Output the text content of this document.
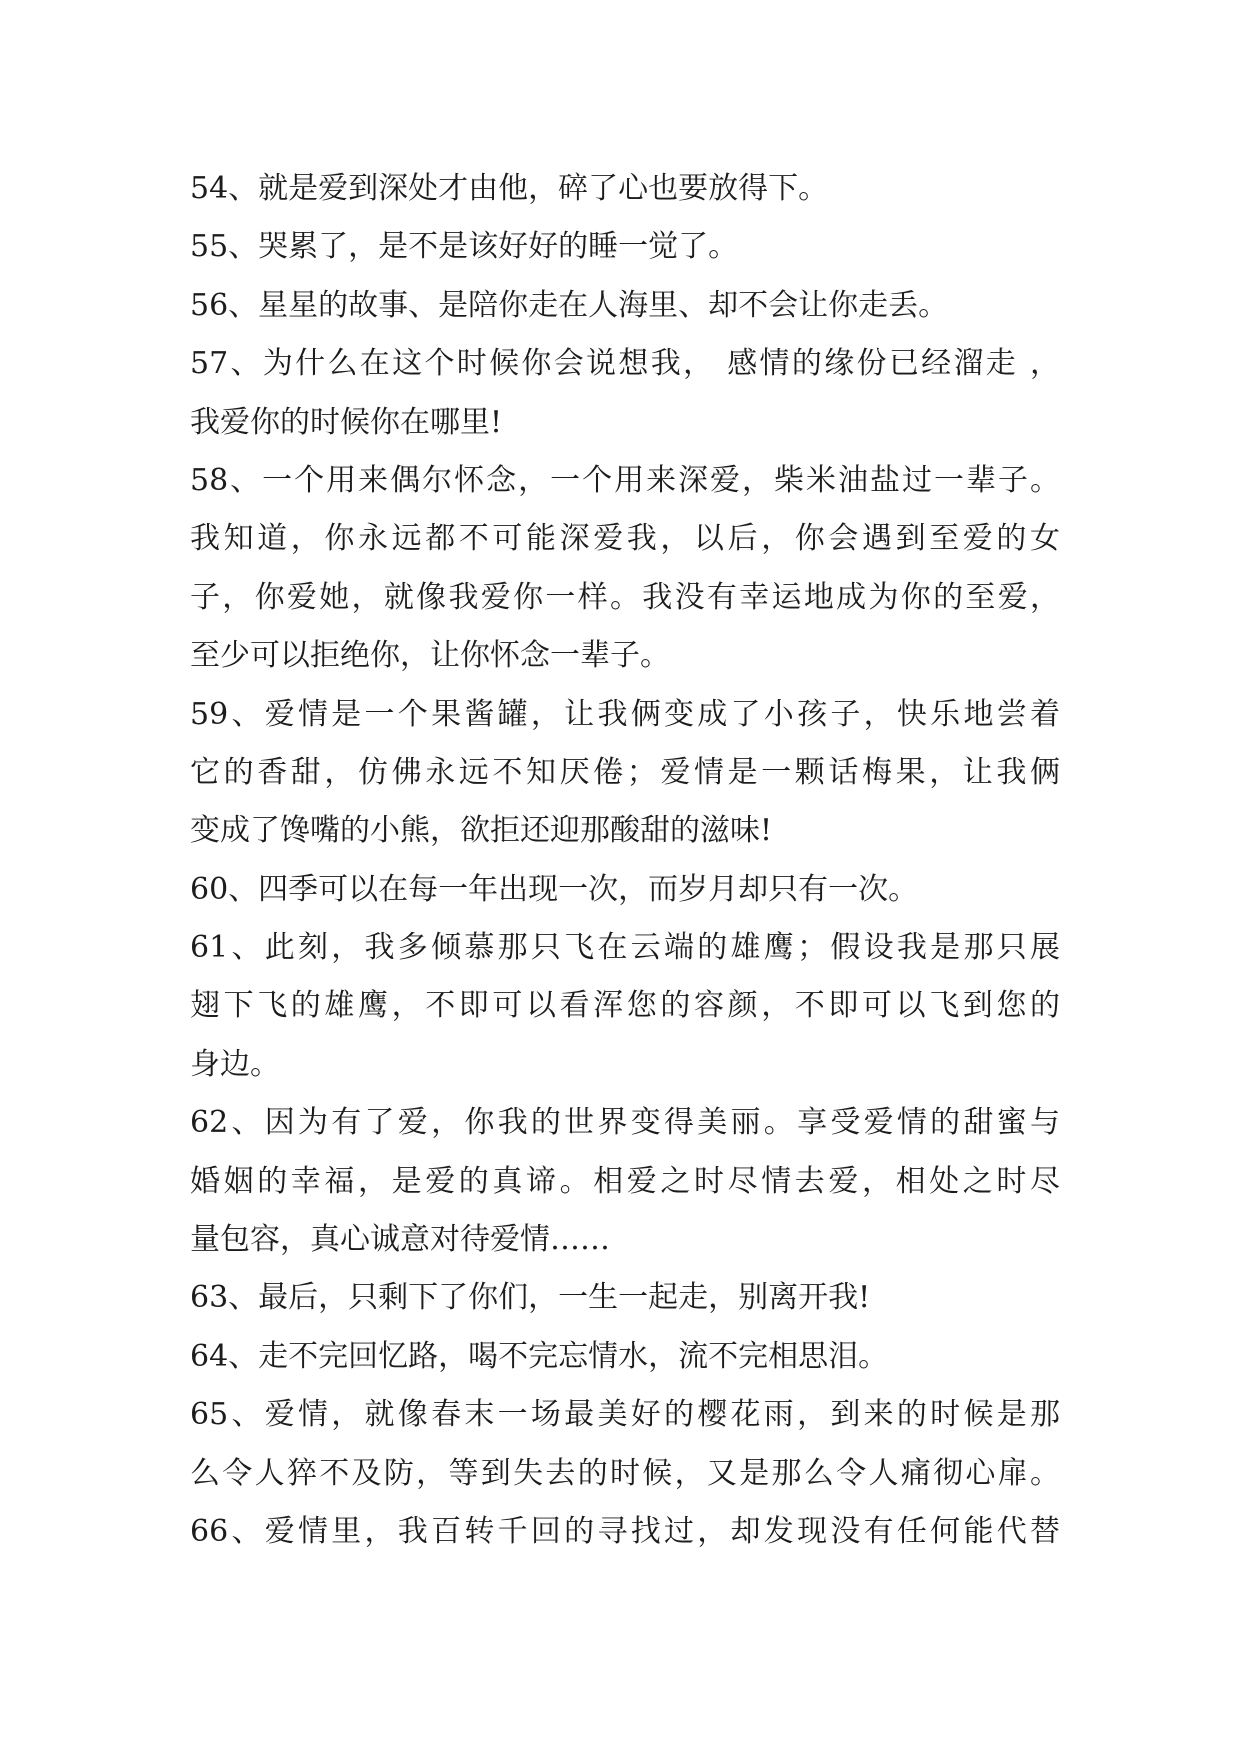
54、就是爱到深处才由他，碎了心也要放得下。
55、哭累了，是不是该好好的睡一觉了。
56、星星的故事、是陪你走在人海里、却不会让你走丢。
57、为什么在这个时候你会说想我， 感情的缘份已经溜走 ，
我爱你的时候你在哪里!
58、一个用来偶尔怀念，一个用来深爱，柴米油盐过一辈子。
我知道，你永远都不可能深爱我，以后，你会遇到至爱的女
子，你爱她，就像我爱你一样。我没有幸运地成为你的至爱，
至少可以拒绝你，让你怀念一辈子。
59、爱情是一个果酱罐，让我俩变成了小孩子，快乐地尝着
它的香甜，仿佛永远不知厌倦；爱情是一颗话梅果，让我俩
变成了馋嘴的小熊，欲拒还迎那酸甜的滋味!
60、四季可以在每一年出现一次，而岁月却只有一次。
61、此刻，我多倾慕那只飞在云端的雄鹰；假设我是那只展
翅下飞的雄鹰，不即可以看浑您的容颜，不即可以飞到您的
身边。
62、因为有了爱，你我的世界变得美丽。享受爱情的甜蜜与
婚姻的幸福，是爱的真谛。相爱之时尽情去爱，相处之时尽
量包容，真心诚意对待爱情……
63、最后，只剩下了你们，一生一起走，别离开我!
64、走不完回忆路，喝不完忘情水，流不完相思泪。
65、爱情，就像春末一场最美好的樱花雨，到来的时候是那
么令人猝不及防，等到失去的时候，又是那么令人痛彻心扉。
66、爱情里，我百转千回的寻找过，却发现没有任何能代替
